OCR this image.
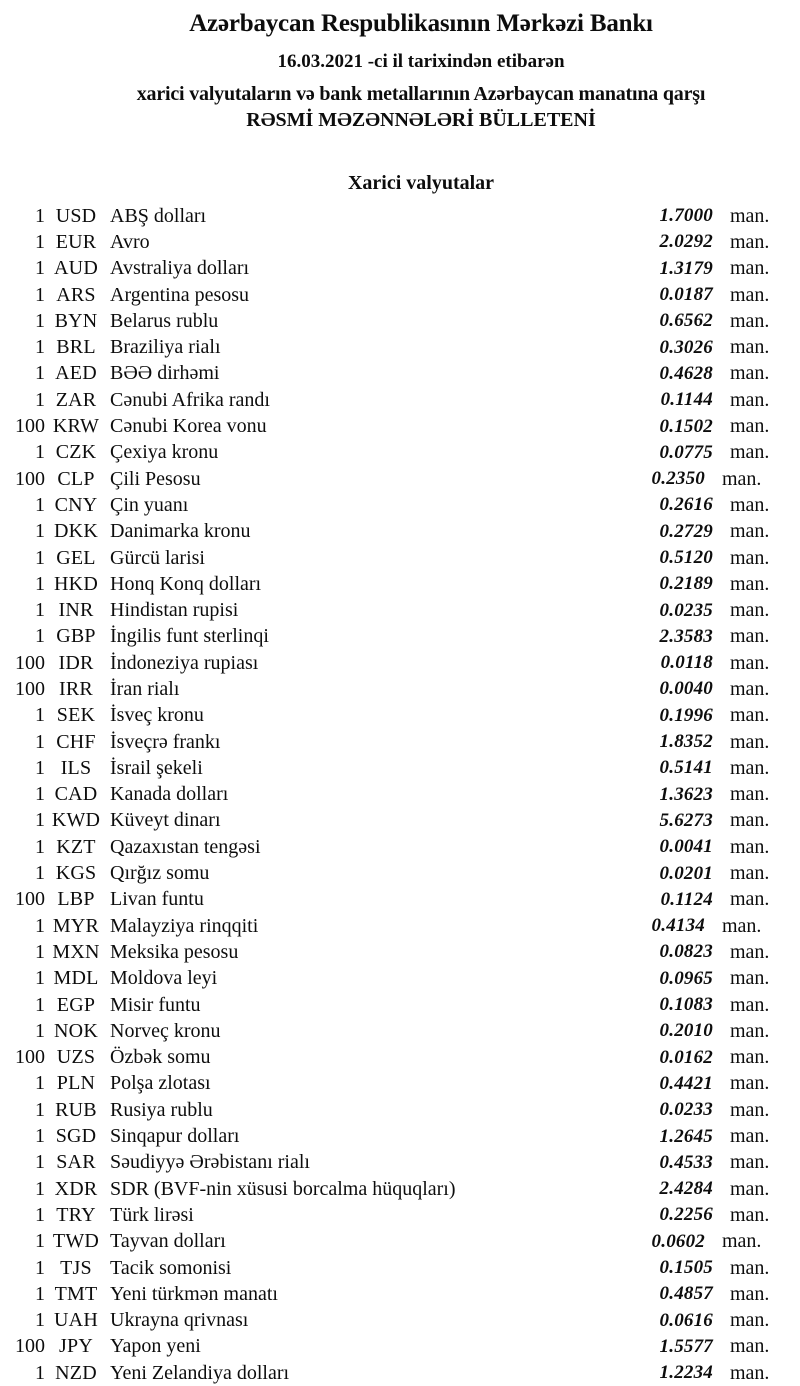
Azərbaycan Respublikasının Mərkəzi Bankı
16.03.2021 -ci il tarixindən etibarən
xarici valyutaların və bank metallarının Azərbaycan manatına qarşı
RƏSMİ MƏZƏNNƏLƏRİ BÜLLETENİ
Xarici valyutalar
1 USD ABŞ dolları	1.7000 man.
1 EUR Avro	2.0292 man.
1 AUD Avstraliya dolları	1.3179 man.
1 ARS Argentina pesosu	0.0187 man.
1 BYN Belarus rublu	0.6562 man.
1 BRL Braziliya rialı	0.3026 man.
1 AED BƏƏ dirhəmi	0.4628 man.
1 ZAR Cənubi Afrika randı	0.1144 man.
100 KRW Cənubi Korea vonu	0.1502 man.
1 CZK Çexiya kronu	0.0775 man.
100 CLP Çili Pesosu	0.2350 man.
1 CNY Çin yuanı	0.2616 man.
1 DKK Danimarka kronu	0.2729 man.
1 GEL Gürcü larisi	0.5120 man.
1 HKD Honq Konq dolları	0.2189 man.
1 INR Hindistan rupisi	0.0235 man.
1 GBP İngilis funt sterlinqi	2.3583 man.
100 IDR İndoneziya rupiası	0.0118 man.
100 IRR İran rialı	0.0040 man.
1 SEK İsveç kronu	0.1996 man.
1 CHF İsveçrə frankı	1.8352 man.
1 ILS İsrail şekeli	0.5141 man.
1 CAD Kanada dolları	1.3623 man.
1 KWD Küveyt dinarı	5.6273 man.
1 KZT Qazaxıstan tengəsi	0.0041 man.
1 KGS Qırğız somu	0.0201 man.
100 LBP Livan funtu	0.1124 man.
1 MYR Malayziya rinqqiti	0.4134 man.
1 MXN Meksika pesosu	0.0823 man.
1 MDL Moldova leyi	0.0965 man.
1 EGP Misir funtu	0.1083 man.
1 NOK Norveç kronu	0.2010 man.
100 UZS Özbək somu	0.0162 man.
1 PLN Polşa zlotası	0.4421 man.
1 RUB Rusiya rublu	0.0233 man.
1 SGD Sinqapur dolları	1.2645 man.
1 SAR Səudiyyə Ərəbistanı rialı	0.4533 man.
1 XDR SDR (BVF-nin xüsusi borcalma hüquqları)	2.4284 man.
1 TRY Türk lirəsi	0.2256 man.
1 TWD Tayvan dolları	0.0602 man.
1 TJS Tacik somonisi	0.1505 man.
1 TMT Yeni türkmən manatı	0.4857 man.
1 UAH Ukrayna qrivnası	0.0616 man.
100 JPY Yapon yeni	1.5577 man.
1 NZD Yeni Zelandiya dolları	1.2234 man.
